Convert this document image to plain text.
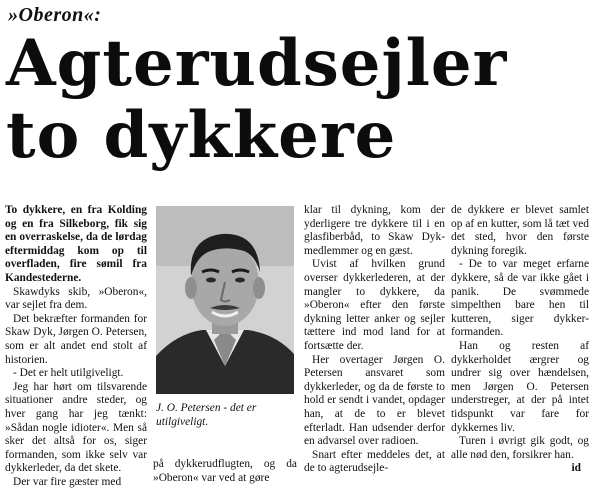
»Oberon«:
Agterudsejler
to dykkere

To dykkere, en fra Kolding og en fra Silkeborg, fik sig en overraskelse, da de lørdag eftermiddag kom op til overfladen, fire sømil fra Kandestederne.

Skawdyks skib, »Oberon«, var sejlet fra dem.

Det bekræfter formanden for Skaw Dyk, Jørgen O. Petersen, som er alt andet end stolt af historien.

- Det er helt utilgiveligt.

Jeg har hørt om tilsvarende situationer andre steder, og hver gang har jeg tænkt: »Sådan nogle idioter«. Men så sker det altså for os, siger formanden, som ikke selv var dykkerleder, da det skete.

Der var fire gæster med

J. O. Petersen - det er utilgiveligt.

på dykkerudflugten, og da »Oberon« var ved at gøre

klar til dykning, kom der yderligere tre dykkere til i en glasfiberbåd, to Skaw Dyk-medlemmer og en gæst.

Uvist af hvilken grund overser dykkerlederen, at der mangler to dykkere, da »Oberon« efter den første dykning letter anker og sejler tættere ind mod land for at fortsætte der.

Her overtager Jørgen O. Petersen ansvaret som dykkerleder, og da de første to hold er sendt i vandet, opdager han, at de to er blevet efterladt. Han udsender derfor en advarsel over radioen.

Snart efter meddeles det, at de to agterudsejle-

de dykkere er blevet samlet op af en kutter, som lå tæt ved det sted, hvor den første dykning foregik.

- De to var meget erfarne dykkere, så de var ikke gået i panik. De svømmede simpelthen bare hen til kutteren, siger dykker-formanden.

Han og resten af dykkerholdet ærgrer og undrer sig over hændelsen, men Jørgen O. Petersen understreger, at der på intet tidspunkt var fare for dykkernes liv.

Turen i øvrigt gik godt, og alle nød den, forsikrer han.

id
